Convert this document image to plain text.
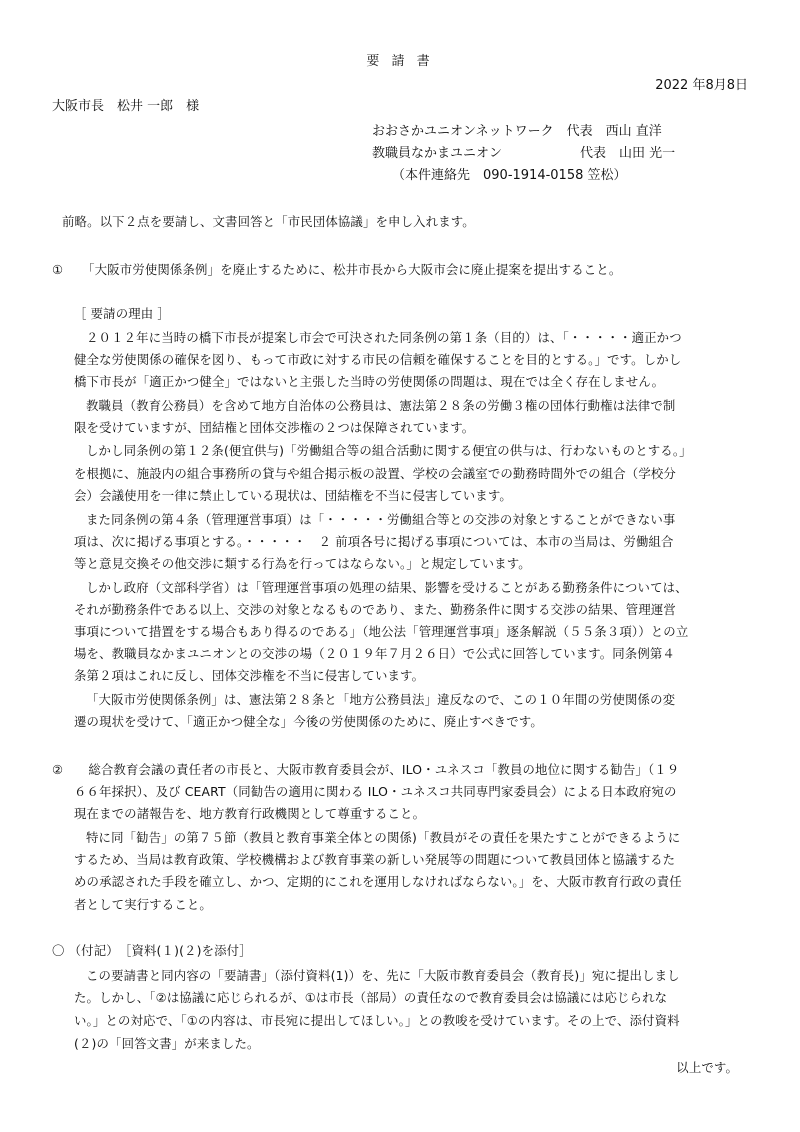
要 請 書
2022 年8月8日
大阪市長　松井 一郎　様
おおさかユニオンネットワーク　代表　西山 直洋
教職員なかまユニオン　　　　　　代表　山田 光一
（本件連絡先　090-1914-0158 笠松）
前略。以下２点を要請し、文書回答と「市民団体協議」を申し入れます。
①　　「大阪市労使関係条例」を廃止するために、松井市長から大阪市会に廃止提案を提出すること。
［ 要請の理由 ］
２０１２年に当時の橋下市長が提案し市会で可決された同条例の第１条（目的）は、「・・・・・適正かつ
健全な労使関係の確保を図り、もって市政に対する市民の信頼を確保することを目的とする。」です。しかし
橋下市長が「適正かつ健全」ではないと主張した当時の労使関係の問題は、現在では全く存在しません。
教職員（教育公務員）を含めて地方自治体の公務員は、憲法第２８条の労働３権の団体行動権は法律で制
限を受けていますが、団結権と団体交渉権の２つは保障されています。
しかし同条例の第１２条(便宜供与)「労働組合等の組合活動に関する便宜の供与は、行わないものとする。」
を根拠に、施設内の組合事務所の貸与や組合掲示板の設置、学校の会議室での勤務時間外での組合（学校分
会）会議使用を一律に禁止している現状は、団結権を不当に侵害しています。
また同条例の第４条（管理運営事項）は「・・・・・労働組合等との交渉の対象とすることができない事
項は、次に掲げる事項とする。・・・・・　２ 前項各号に掲げる事項については、本市の当局は、労働組合
等と意見交換その他交渉に類する行為を行ってはならない。」と規定しています。
しかし政府（文部科学省）は「管理運営事項の処理の結果、影響を受けることがある勤務条件については、
それが勤務条件である以上、交渉の対象となるものであり、また、勤務条件に関する交渉の結果、管理運営
事項について措置をする場合もあり得るのである」（地公法「管理運営事項」逐条解説（５５条３項））との立
場を、教職員なかまユニオンとの交渉の場（２０１９年７月２６日）で公式に回答しています。同条例第４
条第２項はこれに反し、団体交渉権を不当に侵害しています。
「大阪市労使関係条例」は、憲法第２８条と「地方公務員法」違反なので、この１０年間の労使関係の変
遷の現状を受けて、「適正かつ健全な」今後の労使関係のために、廃止すべきです。
②　　総合教育会議の責任者の市長と、大阪市教育委員会が、ILO・ユネスコ「教員の地位に関する勧告」（１９
６６年採択）、及び CEART（同勧告の適用に関わる ILO・ユネスコ共同専門家委員会）による日本政府宛の
現在までの諸報告を、地方教育行政機関として尊重すること。
特に同「勧告」の第７５節（教員と教育事業全体との関係)「教員がその責任を果たすことができるように
するため、当局は教育政策、学校機構および教育事業の新しい発展等の問題について教員団体と協議するた
めの承認された手段を確立し、かつ、定期的にこれを運用しなければならない。」を、大阪市教育行政の責任
者として実行すること。
〇 （付記）　［資料(１)(２)を添付］
この要請書と同内容の「要請書」（添付資料(1)）を、先に「大阪市教育委員会（教育長)」宛に提出しまし
た。しかし、「②は協議に応じられるが、①は市長（部局）の責任なので教育委員会は協議には応じられな
い。」との対応で、「①の内容は、市長宛に提出してほしい。」との教唆を受けています。その上で、添付資料
(２)の「回答文書」が来ました。
以上です。
